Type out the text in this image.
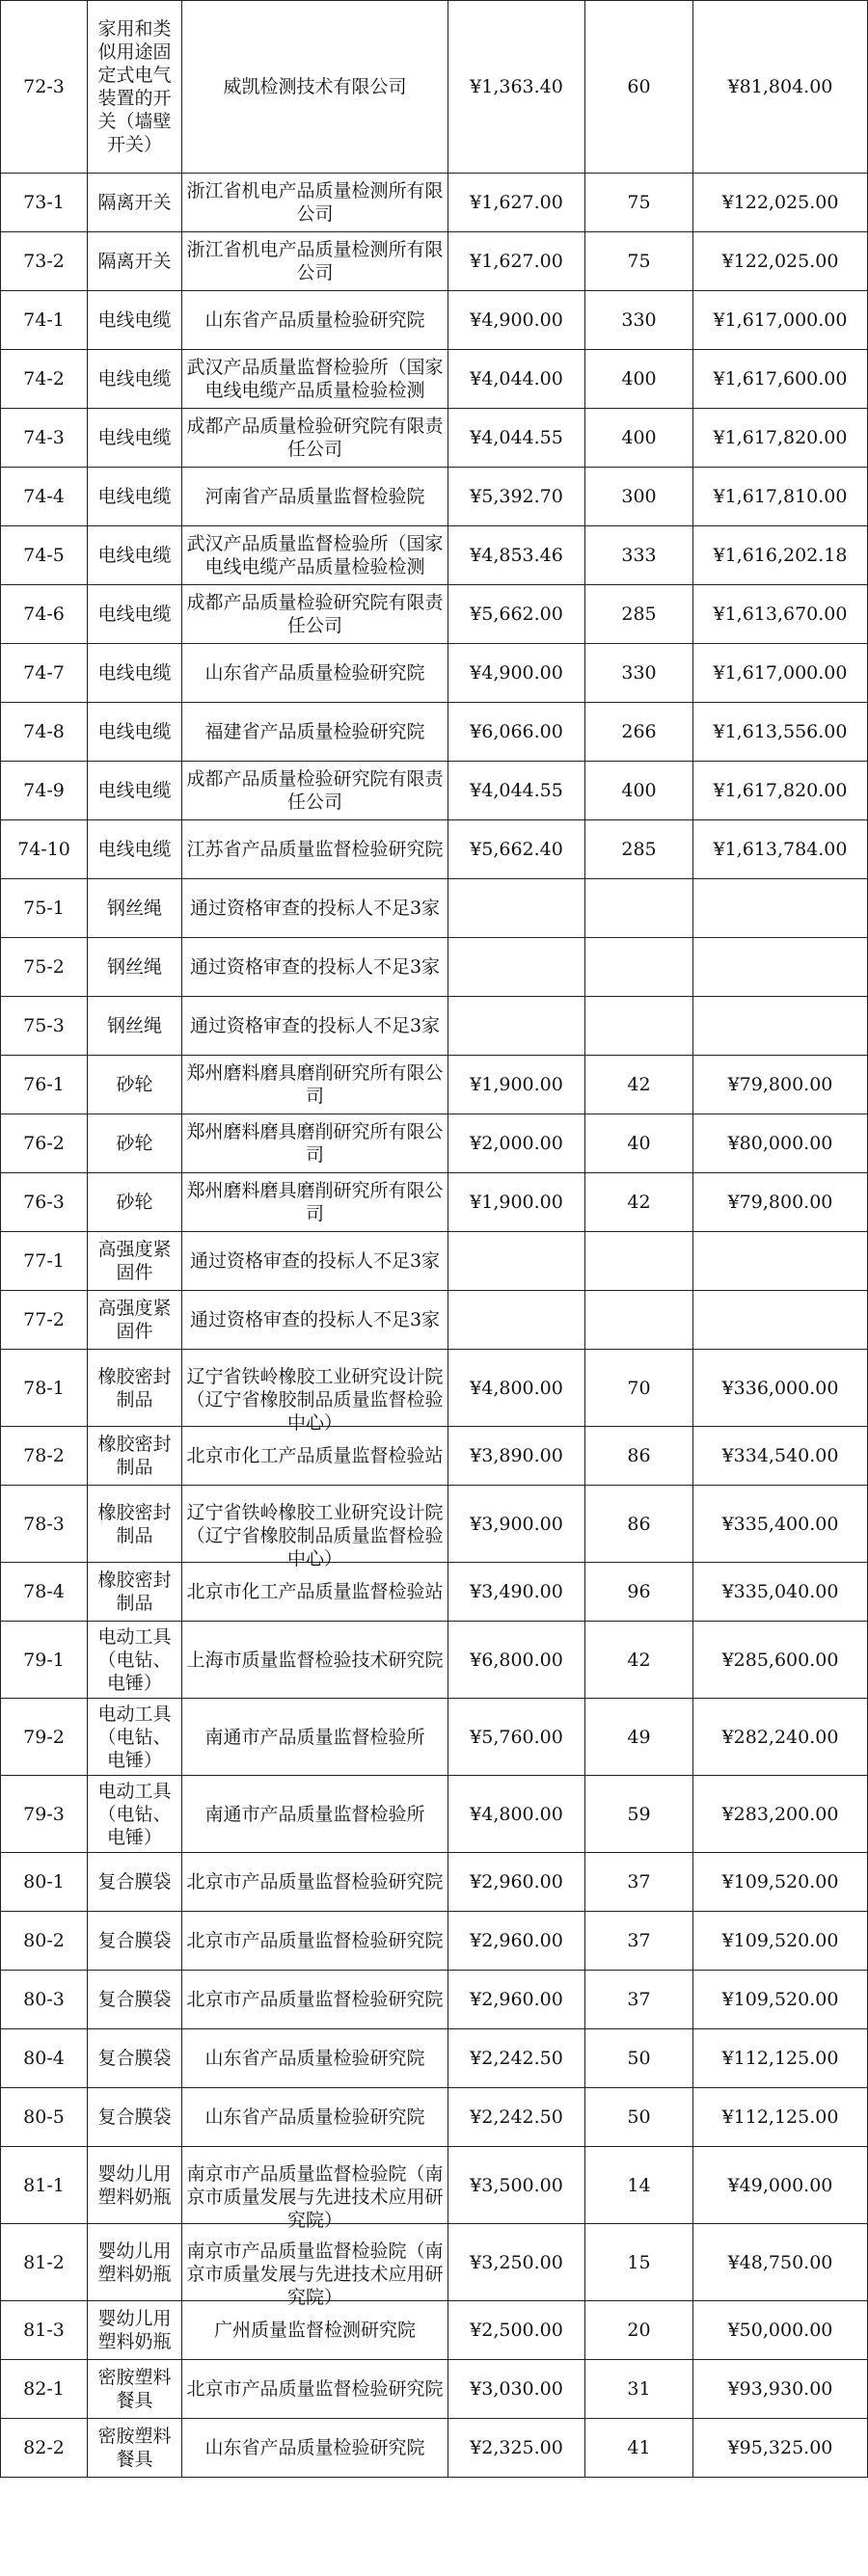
72-3	家用和类似用途固定式电气装置的开关（墙壁开关）	威凯检测技术有限公司	¥1,363.40	60	¥81,804.00
73-1	隔离开关	浙江省机电产品质量检测所有限公司	¥1,627.00	75	¥122,025.00
73-2	隔离开关	浙江省机电产品质量检测所有限公司	¥1,627.00	75	¥122,025.00
74-1	电线电缆	山东省产品质量检验研究院	¥4,900.00	330	¥1,617,000.00
74-2	电线电缆	武汉产品质量监督检验所（国家电线电缆产品质量检验检测	¥4,044.00	400	¥1,617,600.00
74-3	电线电缆	成都产品质量检验研究院有限责任公司	¥4,044.55	400	¥1,617,820.00
74-4	电线电缆	河南省产品质量监督检验院	¥5,392.70	300	¥1,617,810.00
74-5	电线电缆	武汉产品质量监督检验所（国家电线电缆产品质量检验检测	¥4,853.46	333	¥1,616,202.18
74-6	电线电缆	成都产品质量检验研究院有限责任公司	¥5,662.00	285	¥1,613,670.00
74-7	电线电缆	山东省产品质量检验研究院	¥4,900.00	330	¥1,617,000.00
74-8	电线电缆	福建省产品质量检验研究院	¥6,066.00	266	¥1,613,556.00
74-9	电线电缆	成都产品质量检验研究院有限责任公司	¥4,044.55	400	¥1,617,820.00
74-10	电线电缆	江苏省产品质量监督检验研究院	¥5,662.40	285	¥1,613,784.00
75-1	钢丝绳	通过资格审查的投标人不足3家			

75-2	钢丝绳	通过资格审查的投标人不足3家			

75-3	钢丝绳	通过资格审查的投标人不足3家			

76-1	砂轮	郑州磨料磨具磨削研究所有限公司	¥1,900.00	42	¥79,800.00
76-2	砂轮	郑州磨料磨具磨削研究所有限公司	¥2,000.00	40	¥80,000.00
76-3	砂轮	郑州磨料磨具磨削研究所有限公司	¥1,900.00	42	¥79,800.00
77-1	高强度紧固件	通过资格审查的投标人不足3家			

77-2	高强度紧固件	通过资格审查的投标人不足3家			

78-1	橡胶密封制品	辽宁省铁岭橡胶工业研究设计院（辽宁省橡胶制品质量监督检验中心）	¥4,800.00	70	¥336,000.00
78-2	橡胶密封制品	北京市化工产品质量监督检验站	¥3,890.00	86	¥334,540.00
78-3	橡胶密封制品	辽宁省铁岭橡胶工业研究设计院（辽宁省橡胶制品质量监督检验中心）	¥3,900.00	86	¥335,400.00
78-4	橡胶密封制品	北京市化工产品质量监督检验站	¥3,490.00	96	¥335,040.00
79-1	电动工具（电钻、电锤）	上海市质量监督检验技术研究院	¥6,800.00	42	¥285,600.00
79-2	电动工具（电钻、电锤）	南通市产品质量监督检验所	¥5,760.00	49	¥282,240.00
79-3	电动工具（电钻、电锤）	南通市产品质量监督检验所	¥4,800.00	59	¥283,200.00
80-1	复合膜袋	北京市产品质量监督检验研究院	¥2,960.00	37	¥109,520.00
80-2	复合膜袋	北京市产品质量监督检验研究院	¥2,960.00	37	¥109,520.00
80-3	复合膜袋	北京市产品质量监督检验研究院	¥2,960.00	37	¥109,520.00
80-4	复合膜袋	山东省产品质量检验研究院	¥2,242.50	50	¥112,125.00
80-5	复合膜袋	山东省产品质量检验研究院	¥2,242.50	50	¥112,125.00
81-1	婴幼儿用塑料奶瓶	南京市产品质量监督检验院（南京市质量发展与先进技术应用研究院）	¥3,500.00	14	¥49,000.00
81-2	婴幼儿用塑料奶瓶	南京市产品质量监督检验院（南京市质量发展与先进技术应用研究院）	¥3,250.00	15	¥48,750.00
81-3	婴幼儿用塑料奶瓶	广州质量监督检测研究院	¥2,500.00	20	¥50,000.00
82-1	密胺塑料餐具	北京市产品质量监督检验研究院	¥3,030.00	31	¥93,930.00
82-2	密胺塑料餐具	山东省产品质量检验研究院	¥2,325.00	41	¥95,325.00
